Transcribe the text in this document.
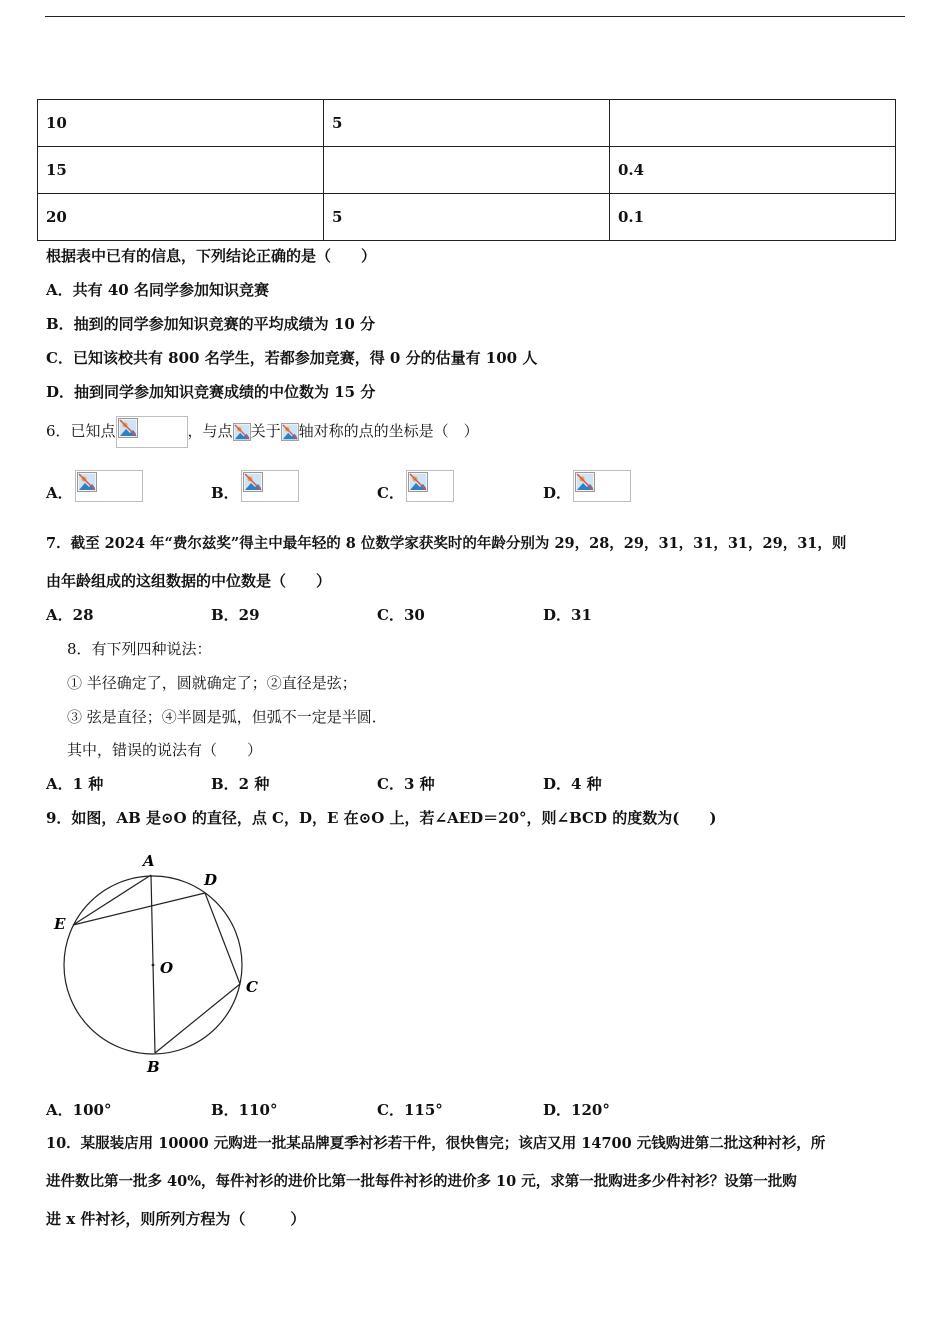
10	5	
15		0.4
20	5	0.1
根据表中已有的信息，下列结论正确的是（　　）
A．共有 40 名同学参加知识竞赛
B．抽到的同学参加知识竞赛的平均成绩为 10 分
C．已知该校共有 800 名学生，若都参加竞赛，得 0 分的估量有 100 人
D．抽到同学参加知识竞赛成绩的中位数为 15 分
6．已知点	，与点 关于 轴对称的点的坐标是（　）
A．	B．	C．	D．
7．截至 2024 年“费尔兹奖”得主中最年轻的 8 位数学家获奖时的年龄分别为 29，28，29，31，31，31，29，31，则
由年龄组成的这组数据的中位数是（　　）
A．28	B．29	C．30	D．31
8．有下列四种说法：
① 半径确定了，圆就确定了；②直径是弦；
③ 弦是直径；④半圆是弧，但弧不一定是半圆．
其中，错误的说法有（　　）
A．1 种	B．2 种	C．3 种	D．4 种
9．如图，AB 是⊙O 的直径，点 C，D，E 在⊙O 上，若∠AED＝20°，则∠BCD 的度数为(　　)
A
D
E
O
C
B
A．100°	B．110°	C．115°	D．120°
10．某服装店用 10000 元购进一批某品牌夏季衬衫若干件，很快售完；该店又用 14700 元钱购进第二批这种衬衫，所
进件数比第一批多 40%，每件衬衫的进价比第一批每件衬衫的进价多 10 元，求第一批购进多少件衬衫？设第一批购
进 x 件衬衫，则所列方程为（　　　）
